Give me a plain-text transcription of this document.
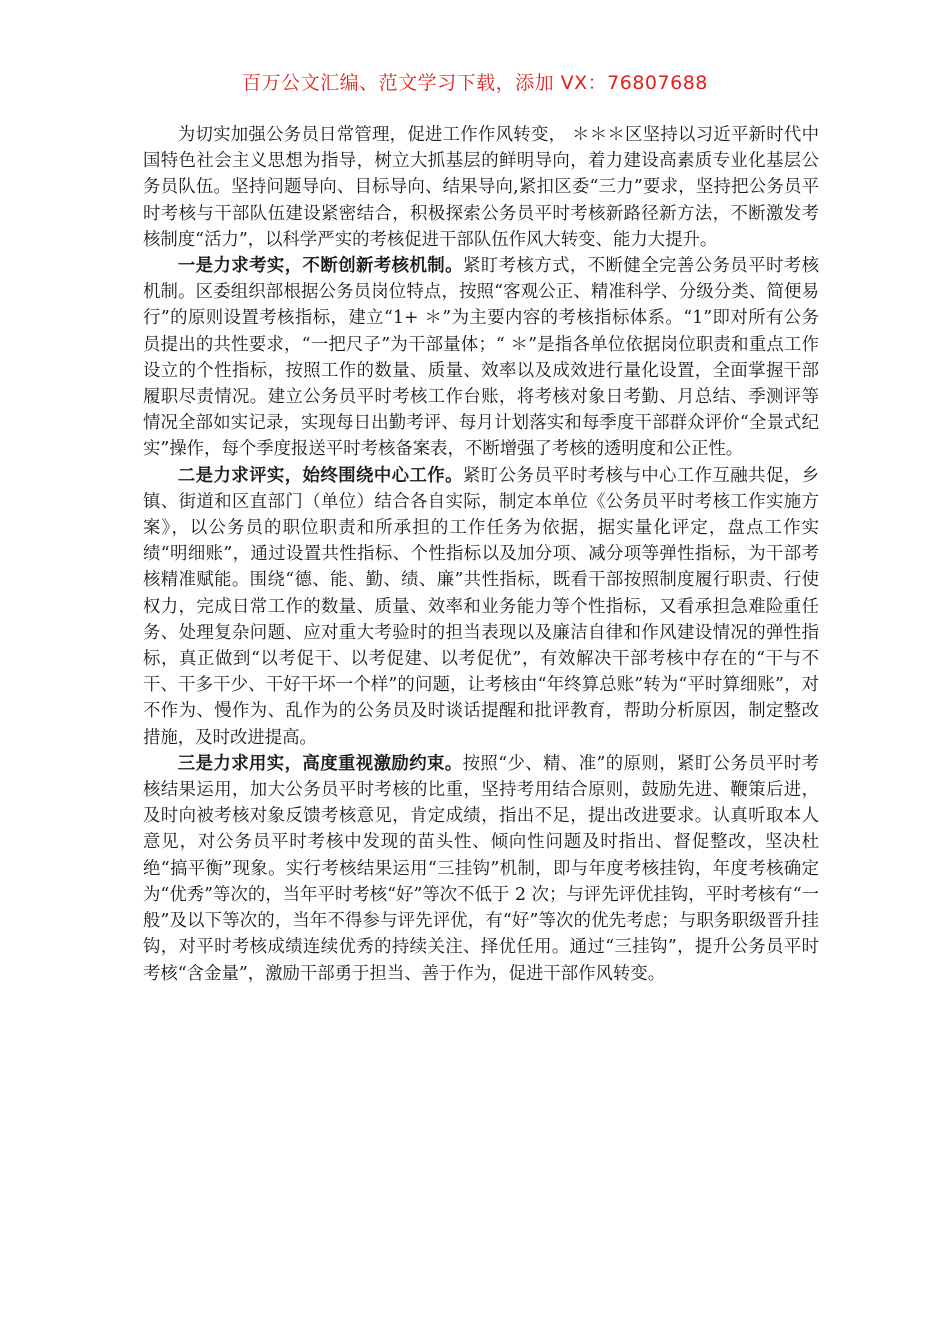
百万公文汇编、范文学习下载，添加 VX：76807688

为切实加强公务员日常管理，促进工作作风转变， ＊＊＊区坚持以习近平新时代中国特色社会主义思想为指导，树立大抓基层的鲜明导向，着力建设高素质专业化基层公务员队伍。坚持问题导向、目标导向、结果导向,紧扣区委“三力”要求，坚持把公务员平时考核与干部队伍建设紧密结合，积极探索公务员平时考核新路径新方法，不断激发考核制度“活力”，以科学严实的考核促进干部队伍作风大转变、能力大提升。

一是力求考实，不断创新考核机制。紧盯考核方式，不断健全完善公务员平时考核机制。区委组织部根据公务员岗位特点，按照“客观公正、精准科学、分级分类、简便易行”的原则设置考核指标，建立“1+ ＊”为主要内容的考核指标体系。“1”即对所有公务员提出的共性要求，“一把尺子”为干部量体；“ ＊”是指各单位依据岗位职责和重点工作设立的个性指标，按照工作的数量、质量、效率以及成效进行量化设置，全面掌握干部履职尽责情况。建立公务员平时考核工作台账，将考核对象日考勤、月总结、季测评等情况全部如实记录，实现每日出勤考评、每月计划落实和每季度干部群众评价“全景式纪实”操作，每个季度报送平时考核备案表，不断增强了考核的透明度和公正性。

二是力求评实，始终围绕中心工作。紧盯公务员平时考核与中心工作互融共促，乡镇、街道和区直部门（单位）结合各自实际，制定本单位《公务员平时考核工作实施方案》，以公务员的职位职责和所承担的工作任务为依据，据实量化评定，盘点工作实绩“明细账”，通过设置共性指标、个性指标以及加分项、减分项等弹性指标，为干部考核精准赋能。围绕“德、能、勤、绩、廉”共性指标，既看干部按照制度履行职责、行使权力，完成日常工作的数量、质量、效率和业务能力等个性指标，又看承担急难险重任务、处理复杂问题、应对重大考验时的担当表现以及廉洁自律和作风建设情况的弹性指标，真正做到“以考促干、以考促建、以考促优”，有效解决干部考核中存在的“干与不干、干多干少、干好干坏一个样”的问题，让考核由“年终算总账”转为“平时算细账”，对不作为、慢作为、乱作为的公务员及时谈话提醒和批评教育，帮助分析原因，制定整改措施，及时改进提高。

三是力求用实，高度重视激励约束。按照“少、精、准”的原则，紧盯公务员平时考核结果运用，加大公务员平时考核的比重，坚持考用结合原则，鼓励先进、鞭策后进，及时向被考核对象反馈考核意见，肯定成绩，指出不足，提出改进要求。认真听取本人意见，对公务员平时考核中发现的苗头性、倾向性问题及时指出、督促整改，坚决杜绝“搞平衡”现象。实行考核结果运用“三挂钩”机制，即与年度考核挂钩，年度考核确定为“优秀”等次的，当年平时考核“好”等次不低于 2 次；与评先评优挂钩，平时考核有“一般”及以下等次的，当年不得参与评先评优，有“好”等次的优先考虑；与职务职级晋升挂钩，对平时考核成绩连续优秀的持续关注、择优任用。通过“三挂钩”，提升公务员平时考核“含金量”，激励干部勇于担当、善于作为，促进干部作风转变。
